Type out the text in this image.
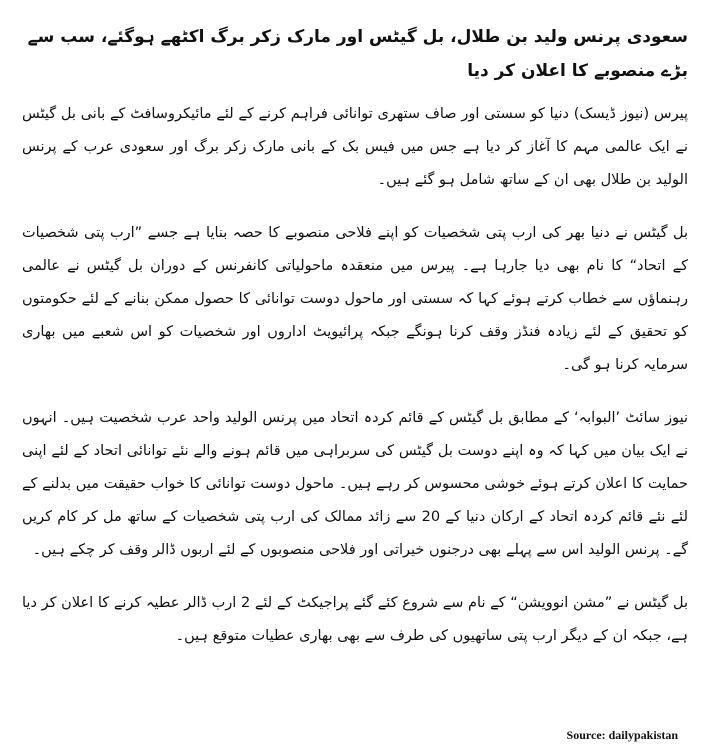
سعودی پرنس ولید بن طلال، بل گیٹس اور مارک زکر برگ اکٹھے ہوگئے، سب سے بڑے منصوبے کا اعلان کر دیا

پیرس (نیوز ڈیسک) دنیا کو سستی اور صاف ستھری توانائی فراہم کرنے کے لئے مائیکروسافٹ کے بانی بل گیٹس نے ایک عالمی مہم کا آغاز کر دیا ہے جس میں فیس بک کے بانی مارک زکر برگ اور سعودی عرب کے پرنس الولید بن طلال بھی ان کے ساتھ شامل ہو گئے ہیں۔

بل گیٹس نے دنیا بھر کی ارب پتی شخصیات کو اپنے فلاحی منصوبے کا حصہ بنایا ہے جسے ”ارب پتی شخصیات کے اتحاد“ کا نام بھی دیا جارہا ہے۔ پیرس میں منعقدہ ماحولیاتی کانفرنس کے دوران بل گیٹس نے عالمی رہنماؤں سے خطاب کرتے ہوئے کہا کہ سستی اور ماحول دوست توانائی کا حصول ممکن بنانے کے لئے حکومتوں کو تحقیق کے لئے زیادہ فنڈز وقف کرنا ہونگے جبکہ پرائیویٹ اداروں اور شخصیات کو اس شعبے میں بھاری سرمایہ کرنا ہو گی۔

نیوز سائٹ ’البوابہ‘ کے مطابق بل گیٹس کے قائم کردہ اتحاد میں پرنس الولید واحد عرب شخصیت ہیں۔ انہوں نے ایک بیان میں کہا کہ وہ اپنے دوست بل گیٹس کی سربراہی میں قائم ہونے والے نئے توانائی اتحاد کے لئے اپنی حمایت کا اعلان کرتے ہوئے خوشی محسوس کر رہے ہیں۔ ماحول دوست توانائی کا خواب حقیقت میں بدلنے کے لئے نئے قائم کردہ اتحاد کے ارکان دنیا کے 20 سے زائد ممالک کی ارب پتی شخصیات کے ساتھ مل کر کام کریں گے۔ پرنس الولید اس سے پہلے بھی درجنوں خیراتی اور فلاحی منصوبوں کے لئے اربوں ڈالر وقف کر چکے ہیں۔

بل گیٹس نے ”مشن انوویشن“ کے نام سے شروع کئے گئے پراجیکٹ کے لئے 2 ارب ڈالر عطیہ کرنے کا اعلان کر دیا ہے، جبکہ ان کے دیگر ارب پتی ساتھیوں کی طرف سے بھی بھاری عطیات متوقع ہیں۔

Source: dailypakistan
